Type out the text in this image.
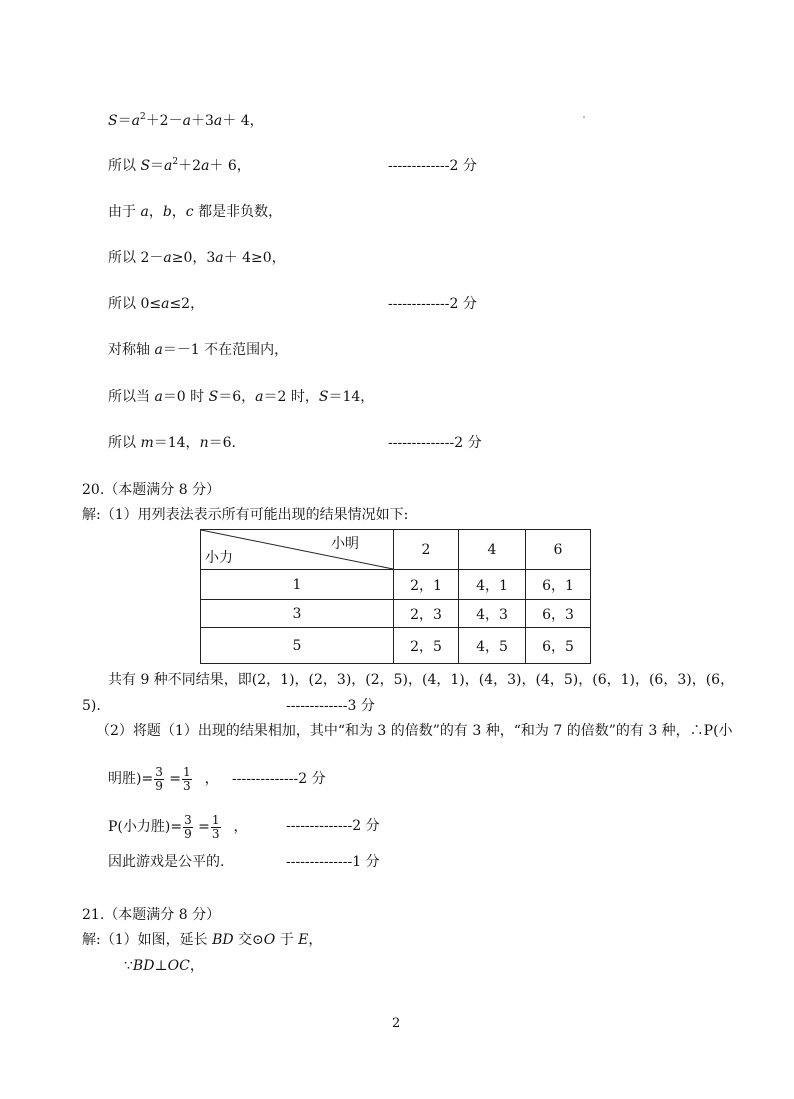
$S=a^2+2-a+3a+ 4$，
所以 $S=a^2+2a+ 6$，	-------------2 分
由于 a，b，c 都是非负数，
所以 2－a≥0，3a＋ 4≥0，
所以 0≤a≤2，	-------------2 分
对称轴 a＝－1 不在范围内，
所以当 a＝0 时 S＝6，a＝2 时，S＝14，
所以 m＝14，n＝6.	--------------2 分
20.（本题满分 8 分）
解:（1）用列表法表示所有可能出现的结果情况如下:
小明
小力	2	4	6
1	2，1	4，1	6，1
3	2，3	4，3	6，3
5	2，5	4，5	6，5
共有 9 种不同结果，即(2，1)，(2，3)，(2，5)，(4，1)，(4，3)，(4，5)，(6，1)，(6，3)，(6，
5).	-------------3 分
（2）将题（1）出现的结果相加，其中“和为 3 的倍数”的有 3 种，“和为 7 的倍数”的有 3 种，∴P(小
明胜)= $\frac{3}{9} = \frac{1}{3}$ ， --------------2 分
P(小力胜)= $\frac{3}{9} = \frac{1}{3}$ ，	--------------2 分
因此游戏是公平的.	--------------1 分
21.（本题满分 8 分）
解:（1）如图，延长 BD 交⊙O 于 E，
∵BD⊥OC，
2
